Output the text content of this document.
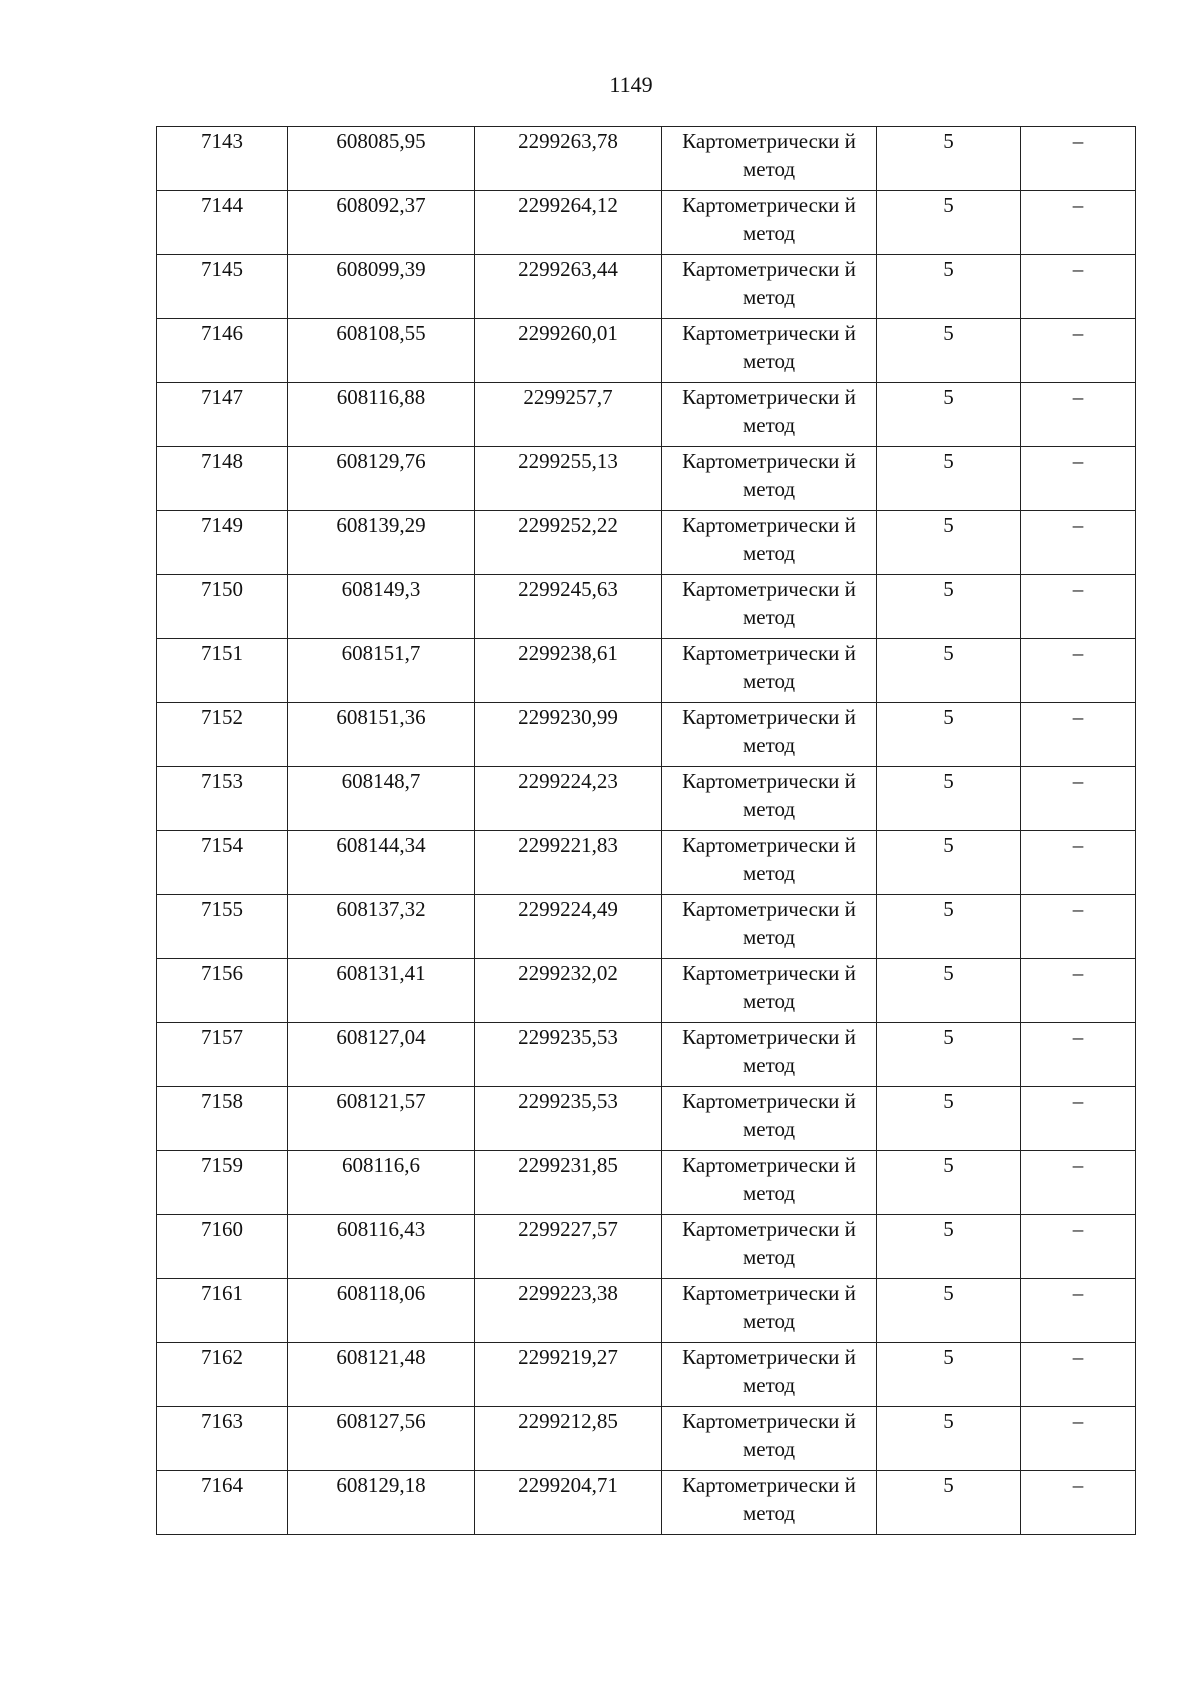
1149
7143	608085,95	2299263,78	Картометрически й метод	5	–
7144	608092,37	2299264,12	Картометрически й метод	5	–
7145	608099,39	2299263,44	Картометрически й метод	5	–
7146	608108,55	2299260,01	Картометрически й метод	5	–
7147	608116,88	2299257,7	Картометрически й метод	5	–
7148	608129,76	2299255,13	Картометрически й метод	5	–
7149	608139,29	2299252,22	Картометрически й метод	5	–
7150	608149,3	2299245,63	Картометрически й метод	5	–
7151	608151,7	2299238,61	Картометрически й метод	5	–
7152	608151,36	2299230,99	Картометрически й метод	5	–
7153	608148,7	2299224,23	Картометрически й метод	5	–
7154	608144,34	2299221,83	Картометрически й метод	5	–
7155	608137,32	2299224,49	Картометрически й метод	5	–
7156	608131,41	2299232,02	Картометрически й метод	5	–
7157	608127,04	2299235,53	Картометрически й метод	5	–
7158	608121,57	2299235,53	Картометрически й метод	5	–
7159	608116,6	2299231,85	Картометрически й метод	5	–
7160	608116,43	2299227,57	Картометрически й метод	5	–
7161	608118,06	2299223,38	Картометрически й метод	5	–
7162	608121,48	2299219,27	Картометрически й метод	5	–
7163	608127,56	2299212,85	Картометрически й метод	5	–
7164	608129,18	2299204,71	Картометрически й метод	5	–
